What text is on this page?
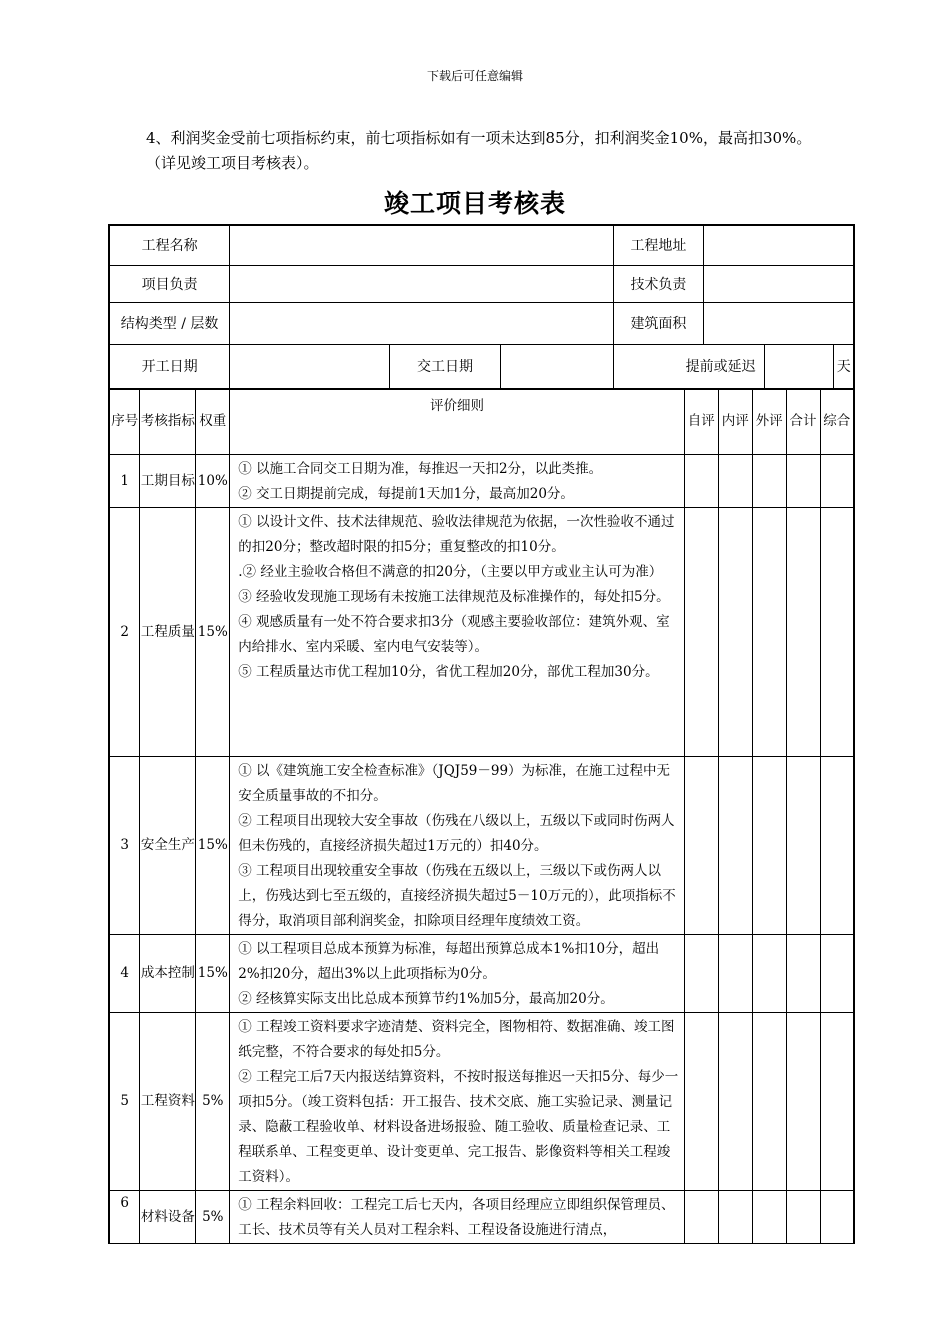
下载后可任意编辑
4、利润奖金受前七项指标约束，前七项指标如有一项未达到85分，扣利润奖金10%，最高扣30%。（详见竣工项目考核表）。
竣工项目考核表
工程名称				工程地址			
项目负责				技术负责			
结构类型 / 层数				建筑面积			
开工日期		交工日期		提前或延迟			天
序号	考核指标	权重	评价细则	自评	内评	外评	合计	综合
1	工期目标	10%	① 以施工合同交工日期为准，每推迟一天扣2分，以此类推。
② 交工日期提前完成，每提前1天加1分，最高加20分。					

2	工程质量	15%	① 以设计文件、技术法律规范、验收法律规范为依据，一次性验收不通过的扣20分；整改超时限的扣5分；重复整改的扣10分。
.② 经业主验收合格但不满意的扣20分，（主要以甲方或业主认可为准）
③ 经验收发现施工现场有未按施工法律规范及标准操作的，每处扣5分。
④ 观感质量有一处不符合要求扣3分（观感主要验收部位：建筑外观、室内给排水、室内采暖、室内电气安装等）。
⑤ 工程质量达市优工程加10分，省优工程加20分，部优工程加30分。					

3	安全生产	15%	① 以《建筑施工安全检查标准》（JQJ59－99）为标准，在施工过程中无安全质量事故的不扣分。
② 工程项目出现较大安全事故（伤残在八级以上，五级以下或同时伤两人但未伤残的，直接经济损失超过1万元的）扣40分。
③ 工程项目出现较重安全事故（伤残在五级以上，三级以下或伤两人以上，伤残达到七至五级的，直接经济损失超过5－10万元的），此项指标不得分，取消项目部利润奖金，扣除项目经理年度绩效工资。					

4	成本控制	15%	① 以工程项目总成本预算为标准，每超出预算总成本1%扣10分，超出2%扣20分，超出3%以上此项指标为0分。
② 经核算实际支出比总成本预算节约1%加5分，最高加20分。					

5	工程资料	5%	① 工程竣工资料要求字迹清楚、资料完全，图物相符、数据准确、竣工图纸完整，不符合要求的每处扣5分。
② 工程完工后7天内报送结算资料，不按时报送每推迟一天扣5分、每少一项扣5分。（竣工资料包括：开工报告、技术交底、施工实验记录、测量记录、隐蔽工程验收单、材料设备进场报验、随工验收、质量检查记录、工程联系单、工程变更单、设计变更单、完工报告、影像资料等相关工程竣工资料）。					

6	材料设备	5%	① 工程余料回收：工程完工后七天内，各项目经理应立即组织保管理员、工长、技术员等有关人员对工程余料、工程设备设施进行清点，					
